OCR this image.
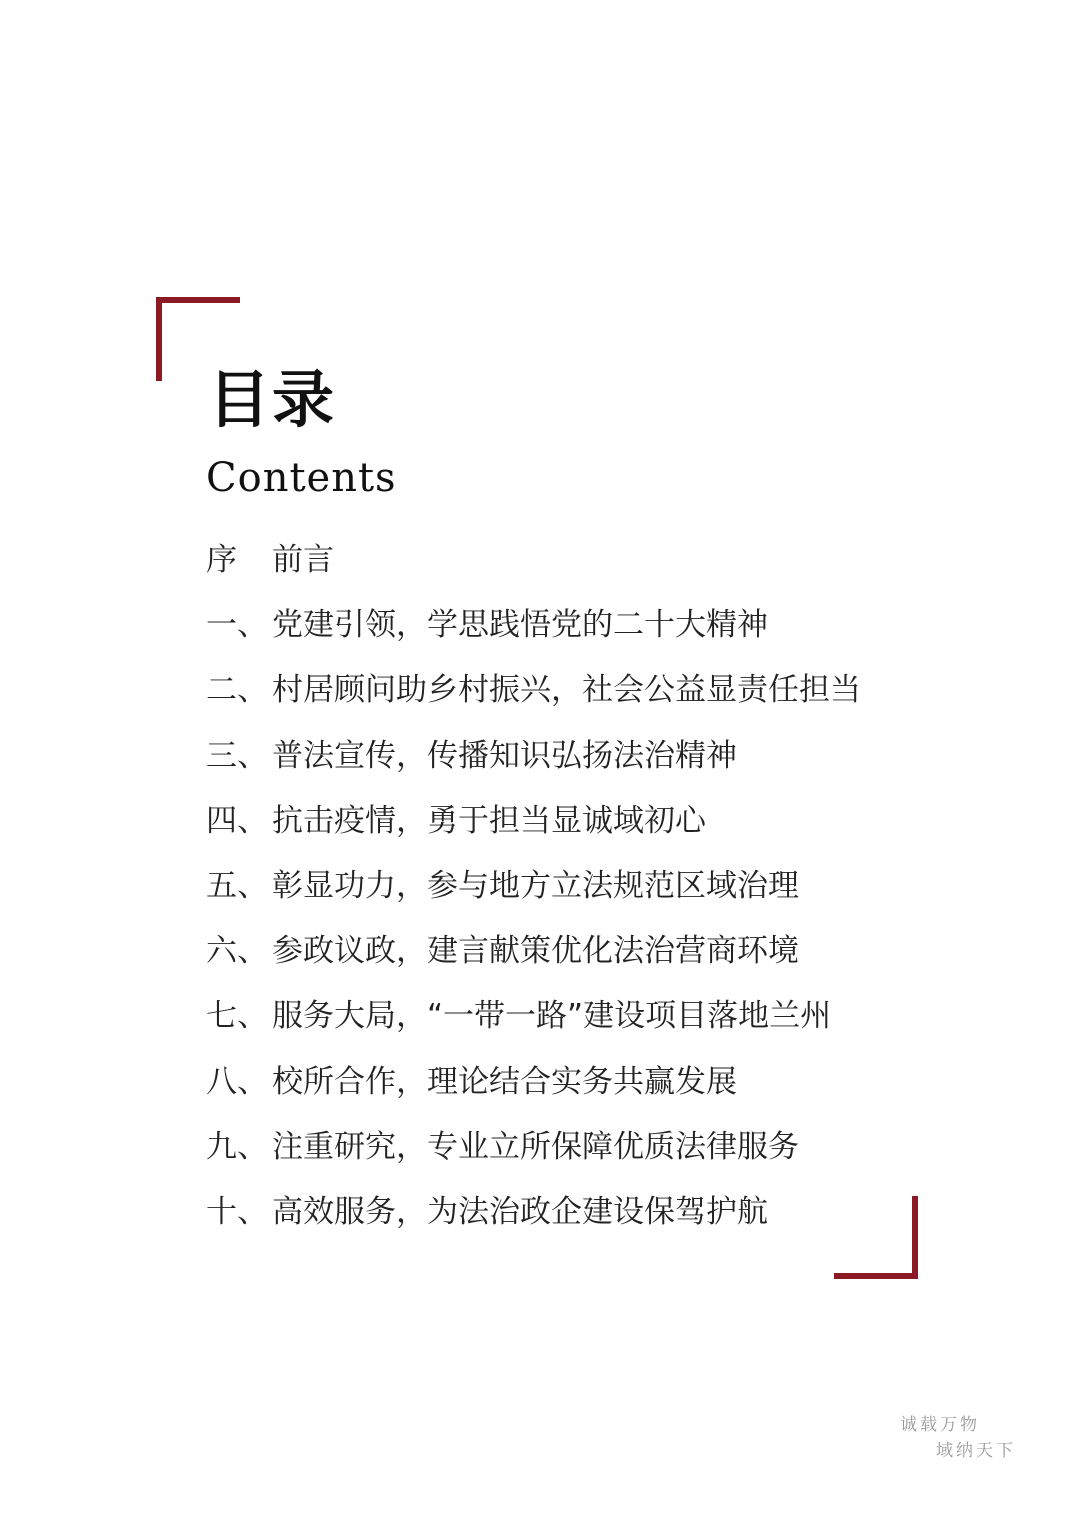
目录
Contents
序	前言
一、 党建引领，学思践悟党的二十大精神
二、 村居顾问助乡村振兴，社会公益显责任担当
三、 普法宣传，传播知识弘扬法治精神
四、 抗击疫情，勇于担当显诚域初心
五、 彰显功力，参与地方立法规范区域治理
六、 参政议政，建言献策优化法治营商环境
七、 服务大局，“一带一路”建设项目落地兰州
八、 校所合作，理论结合实务共赢发展
九、 注重研究，专业立所保障优质法律服务
十、 高效服务，为法治政企建设保驾护航
诚载万物
域纳天下
